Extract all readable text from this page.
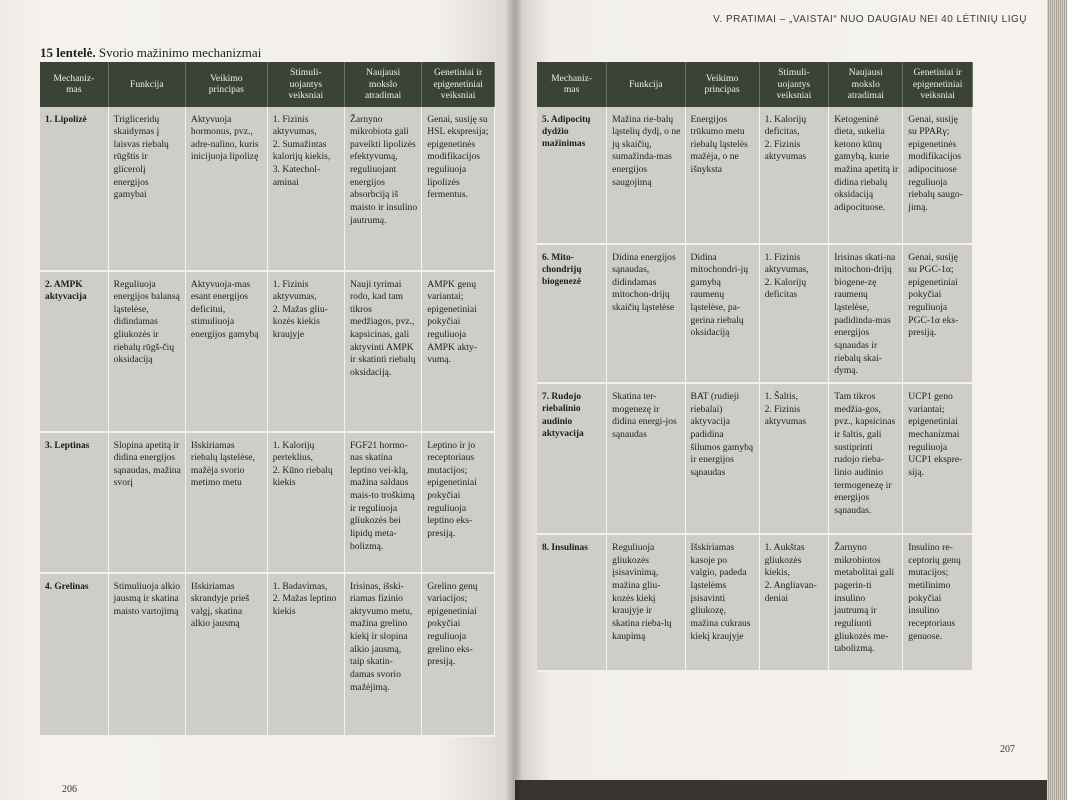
V. PRATIMAI – „VAISTAI“ NUO DAUGIAU NEI 40 LĖTINIŲ LIGŲ
15 lentelė. Svorio mažinimo mechanizmai
Mechaniz-
mas	Funkcija	Veikimo
principas	Stimuli-
uojantys
veiksniai	Naujausi
mokslo
atradimai	Genetiniai ir
epigenetiniai
veiksniai
1. Lipolizė	Trigliceridų skaidymas į laisvas riebalų rūgštis ir glicerolį energijos gamybai	Aktyvuoja hormonus, pvz., adre-nalino, kuris inicijuoja lipolizę	1. Fizinis aktyvumas,
2. Sumažintas kalorijų kiekis,
3. Katechol-aminai	Žarnyno mikrobiota gali paveikti lipolizės efektyvumą, reguliuojant energijos absorbciją iš maisto ir insulino jautrumą.	Genai, susiję su HSL ekspresija; epigenetinės modifikacijos reguliuoja lipolizės fermentus.
2. AMPK aktyvacija	Reguliuoja energijos balansą ląstelėse, didindamas gliukozės ir riebalų rūgš-čių oksidaciją	Aktyvuoja-mas esant energijos deficitui, stimuliuoja energijos gamybą	1. Fizinis aktyvumas,
2. Mažas gliu-kozės kiekis kraujyje	Nauji tyrimai rodo, kad tam tikros medžiagos, pvz., kapsicinas, gali aktyvinti AMPK ir skatinti riebalų oksidaciją.	AMPK genų variantai; epigenetiniai pokyčiai reguliuoja AMPK akty-vumą.
3. Leptinas	Slopina apetitą ir didina energijos sąnaudas, mažina svorį	Išskiriamas riebalų ląstelėse, mažėja svorio metimo metu	1. Kalorijų perteklius,
2. Kūno riebalų kiekis	FGF21 hormo-nas skatina leptino vei-klą, mažina saldaus mais-to troškimą ir reguliuoja gliukozės bei lipidų meta-bolizmą.	Leptino ir jo receptoriaus mutacijos; epigenetiniai pokyčiai reguliuoja leptino eks-presiją.
4. Grelinas	Stimuliuoja alkio jausmą ir skatina maisto vartojimą	Išskiriamas skrandyje prieš valgį, skatina alkio jausmą	1. Badavimas,
2. Mažas leptino kiekis	Irisinas, išski-riamas fizinio aktyvumo metu, mažina grelino kiekį ir slopina alkio jausmą, taip skatin-damas svorio mažėjimą.	Grelino genų variacijos; epigenetiniai pokyčiai reguliuoja grelino eks-presiją.
Mechaniz-
mas	Funkcija	Veikimo
principas	Stimuli-
uojantys
veiksniai	Naujausi
mokslo
atradimai	Genetiniai ir
epigenetiniai
veiksniai
5. Adipocitų dydžio mažinimas	Mažina rie-balų ląstelių dydį, o ne jų skaičių, sumažinda-mas energijos saugojimą	Energijos trūkumo metu riebalų ląstelės mažėja, o ne išnyksta	1. Kalorijų deficitas,
2. Fizinis aktyvumas	Ketogeninė dieta, sukelia ketono kūnų gamybą, kurie mažina apetitą ir didina riebalų oksidaciją adipocituose.	Genai, susiję su PPARγ; epigenetinės modifikacijos adipocituose reguliuoja riebalų saugo-jimą.
6. Mito-chondrijų biogenezė	Didina energijos sąnaudas, didindamas mitochon-drijų skaičių ląstelėse	Didina mitochondri-jų gamybą raumenų ląstelėse, pa-gerina riebalų oksidaciją	1. Fizinis aktyvumas,
2. Kalorijų deficitas	Irisinas skati-na mitochon-drijų biogene-zę raumenų ląstelėse, padidinda-mas energijos sąnaudas ir riebalų skai-dymą.	Genai, susiję su PGC-1α; epigenetiniai pokyčiai reguliuoja PGC-1α eks-presiją.
7. Rudojo riebalinio audinio aktyvacija	Skatina ter-mogenezę ir didina energi-jos sąnaudas	BAT (rudieji riebalai) aktyvacija padidina šilumos gamybą ir energijos sąnaudas	1. Šaltis,
2. Fizinis aktyvumas	Tam tikros medžia-gos, pvz., kapsicinas ir šaltis, gali sustiprinti rudojo rieba-linio audinio termogenezę ir energijos sąnaudas.	UCP1 geno variantai; epigenetiniai mechanizmai reguliuoja UCP1 ekspre-siją.
8. Insulinas	Reguliuoja gliukozės įsisavinimą, mažina gliu-kozės kiekį kraujyje ir skatina rieba-lų kaupimą	Išskiriamas kasoje po valgio, padeda ląstelėms įsisavinti gliukozę, mažina cukraus kiekį kraujyje	1. Aukštas gliukozės kiekis,
2. Angliavan-deniai	Žarnyno mikrobiotos metabolitai gali pagerin-ti insulino jautrumą ir reguliuoti gliukozės me-tabolizmą.	Insulino re-ceptorių genų mutacijos; metilinimo pokyčiai insulino receptoriaus genuose.
206
207
